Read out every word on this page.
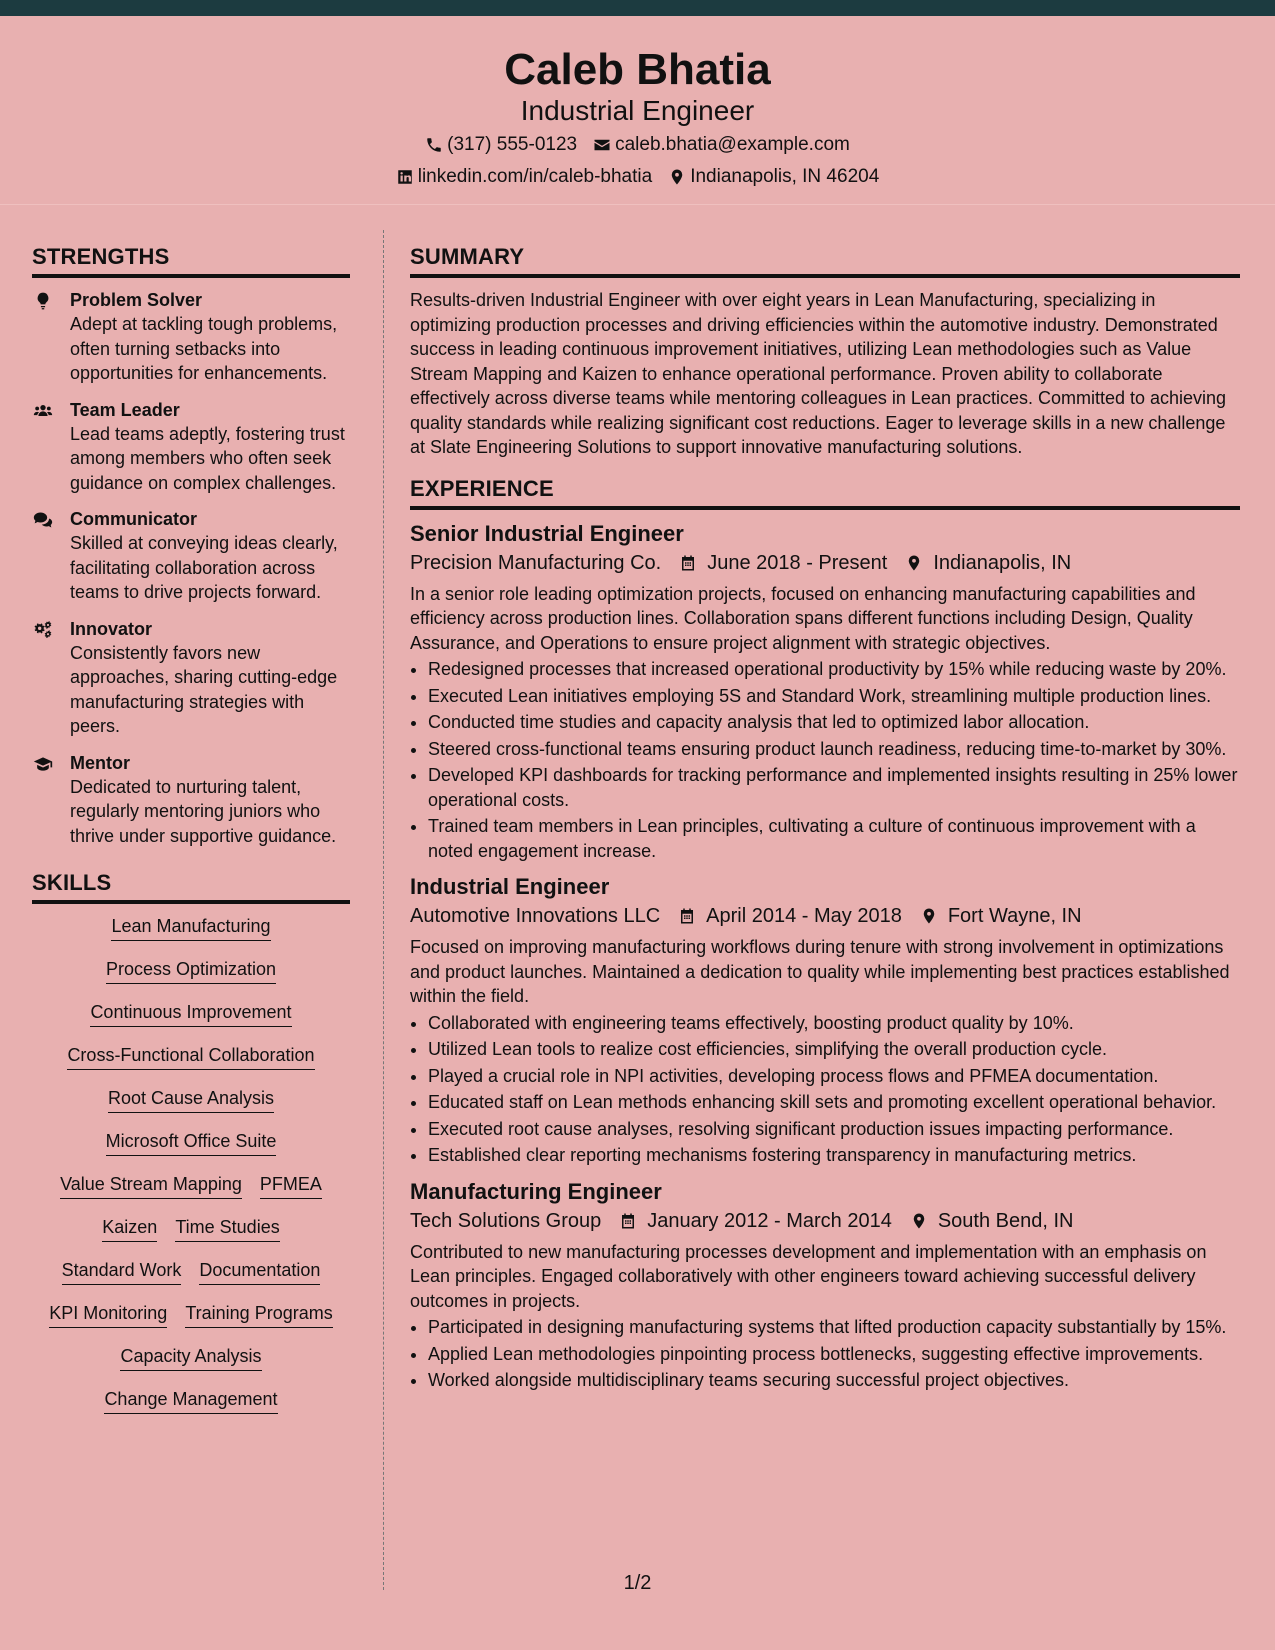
Caleb Bhatia
Industrial Engineer
(317) 555-0123 caleb.bhatia@example.com
linkedin.com/in/caleb-bhatia Indianapolis, IN 46204
STRENGTHS
Problem Solver
Adept at tackling tough problems, often turning setbacks into opportunities for enhancements.
Team Leader
Lead teams adeptly, fostering trust among members who often seek guidance on complex challenges.
Communicator
Skilled at conveying ideas clearly, facilitating collaboration across teams to drive projects forward.
Innovator
Consistently favors new approaches, sharing cutting-edge manufacturing strategies with peers.
Mentor
Dedicated to nurturing talent, regularly mentoring juniors who thrive under supportive guidance.
SKILLS
Lean Manufacturing
Process Optimization
Continuous Improvement
Cross-Functional Collaboration
Root Cause Analysis
Microsoft Office Suite
Value Stream Mapping PFMEA
Kaizen Time Studies
Standard Work Documentation
KPI Monitoring Training Programs
Capacity Analysis
Change Management
SUMMARY
Results-driven Industrial Engineer with over eight years in Lean Manufacturing, specializing in optimizing production processes and driving efficiencies within the automotive industry. Demonstrated success in leading continuous improvement initiatives, utilizing Lean methodologies such as Value Stream Mapping and Kaizen to enhance operational performance. Proven ability to collaborate effectively across diverse teams while mentoring colleagues in Lean practices. Committed to achieving quality standards while realizing significant cost reductions. Eager to leverage skills in a new challenge at Slate Engineering Solutions to support innovative manufacturing solutions.
EXPERIENCE
Senior Industrial Engineer
Precision Manufacturing Co. June 2018 - Present Indianapolis, IN
In a senior role leading optimization projects, focused on enhancing manufacturing capabilities and efficiency across production lines. Collaboration spans different functions including Design, Quality Assurance, and Operations to ensure project alignment with strategic objectives.
• Redesigned processes that increased operational productivity by 15% while reducing waste by 20%.
• Executed Lean initiatives employing 5S and Standard Work, streamlining multiple production lines.
• Conducted time studies and capacity analysis that led to optimized labor allocation.
• Steered cross-functional teams ensuring product launch readiness, reducing time-to-market by 30%.
• Developed KPI dashboards for tracking performance and implemented insights resulting in 25% lower operational costs.
• Trained team members in Lean principles, cultivating a culture of continuous improvement with a noted engagement increase.
Industrial Engineer
Automotive Innovations LLC April 2014 - May 2018 Fort Wayne, IN
Focused on improving manufacturing workflows during tenure with strong involvement in optimizations and product launches. Maintained a dedication to quality while implementing best practices established within the field.
• Collaborated with engineering teams effectively, boosting product quality by 10%.
• Utilized Lean tools to realize cost efficiencies, simplifying the overall production cycle.
• Played a crucial role in NPI activities, developing process flows and PFMEA documentation.
• Educated staff on Lean methods enhancing skill sets and promoting excellent operational behavior.
• Executed root cause analyses, resolving significant production issues impacting performance.
• Established clear reporting mechanisms fostering transparency in manufacturing metrics.
Manufacturing Engineer
Tech Solutions Group January 2012 - March 2014 South Bend, IN
Contributed to new manufacturing processes development and implementation with an emphasis on Lean principles. Engaged collaboratively with other engineers toward achieving successful delivery outcomes in projects.
• Participated in designing manufacturing systems that lifted production capacity substantially by 15%.
• Applied Lean methodologies pinpointing process bottlenecks, suggesting effective improvements.
• Worked alongside multidisciplinary teams securing successful project objectives.
1/2
